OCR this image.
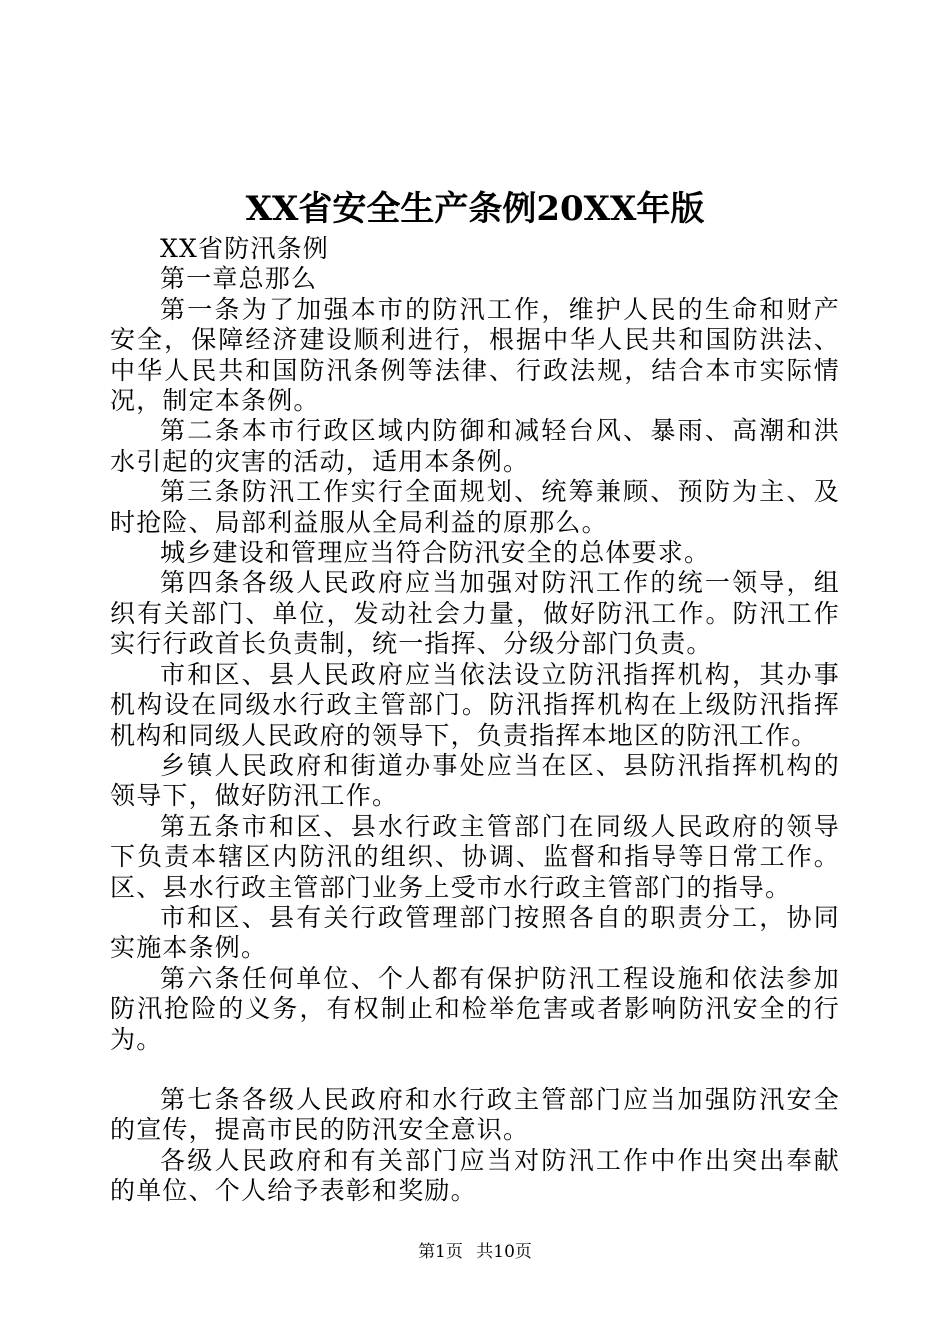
XX省安全生产条例20XX年版

XX省防汛条例

第一章总那么

第一条为了加强本市的防汛工作，维护人民的生命和财产安全，保障经济建设顺利进行，根据中华人民共和国防洪法、中华人民共和国防汛条例等法律、行政法规，结合本市实际情况，制定本条例。

第二条本市行政区域内防御和减轻台风、暴雨、高潮和洪水引起的灾害的活动，适用本条例。

第三条防汛工作实行全面规划、统筹兼顾、预防为主、及时抢险、局部利益服从全局利益的原那么。

城乡建设和管理应当符合防汛安全的总体要求。

第四条各级人民政府应当加强对防汛工作的统一领导，组织有关部门、单位，发动社会力量，做好防汛工作。防汛工作实行行政首长负责制，统一指挥、分级分部门负责。

市和区、县人民政府应当依法设立防汛指挥机构，其办事机构设在同级水行政主管部门。防汛指挥机构在上级防汛指挥机构和同级人民政府的领导下，负责指挥本地区的防汛工作。

乡镇人民政府和街道办事处应当在区、县防汛指挥机构的领导下，做好防汛工作。

第五条市和区、县水行政主管部门在同级人民政府的领导下负责本辖区内防汛的组织、协调、监督和指导等日常工作。区、县水行政主管部门业务上受市水行政主管部门的指导。

市和区、县有关行政管理部门按照各自的职责分工，协同实施本条例。

第六条任何单位、个人都有保护防汛工程设施和依法参加防汛抢险的义务，有权制止和检举危害或者影响防汛安全的行为。

第七条各级人民政府和水行政主管部门应当加强防汛安全的宣传，提高市民的防汛安全意识。

各级人民政府和有关部门应当对防汛工作中作出突出奉献的单位、个人给予表彰和奖励。

第1页 共10页
